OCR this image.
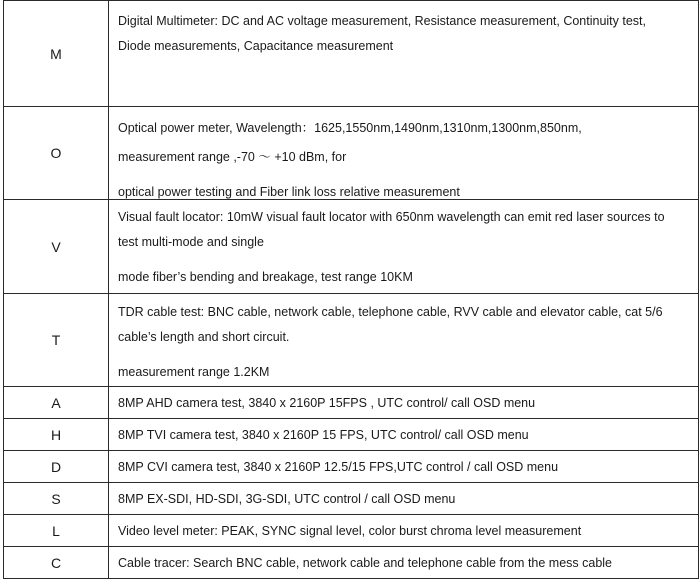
M	Digital Multimeter: DC and AC voltage measurement, Resistance measurement, Continuity test,
Diode measurements, Capacitance measurement

O	Optical power meter, Wavelength：1625,1550nm,1490nm,1310nm,1300nm,850nm,
measurement range ,-70 ～ +10 dBm, for
optical power testing and Fiber link loss relative measurement

V	Visual fault locator: 10mW visual fault locator with 650nm wavelength can emit red laser sources to
test multi-mode and single
mode fiber’s bending and breakage, test range 10KM

T	TDR cable test: BNC cable, network cable, telephone cable, RVV cable and elevator cable, cat 5/6
cable’s length and short circuit.
measurement range 1.2KM

A	8MP AHD camera test, 3840 x 2160P 15FPS , UTC control/ call OSD menu

H	8MP TVI camera test, 3840 x 2160P 15 FPS, UTC control/ call OSD menu

D	8MP CVI camera test, 3840 x 2160P 12.5/15 FPS,UTC control / call OSD menu

S	8MP EX-SDI, HD-SDI, 3G-SDI, UTC control / call OSD menu

L	Video level meter: PEAK, SYNC signal level, color burst chroma level measurement

C	Cable tracer: Search BNC cable, network cable and telephone cable from the mess cable
